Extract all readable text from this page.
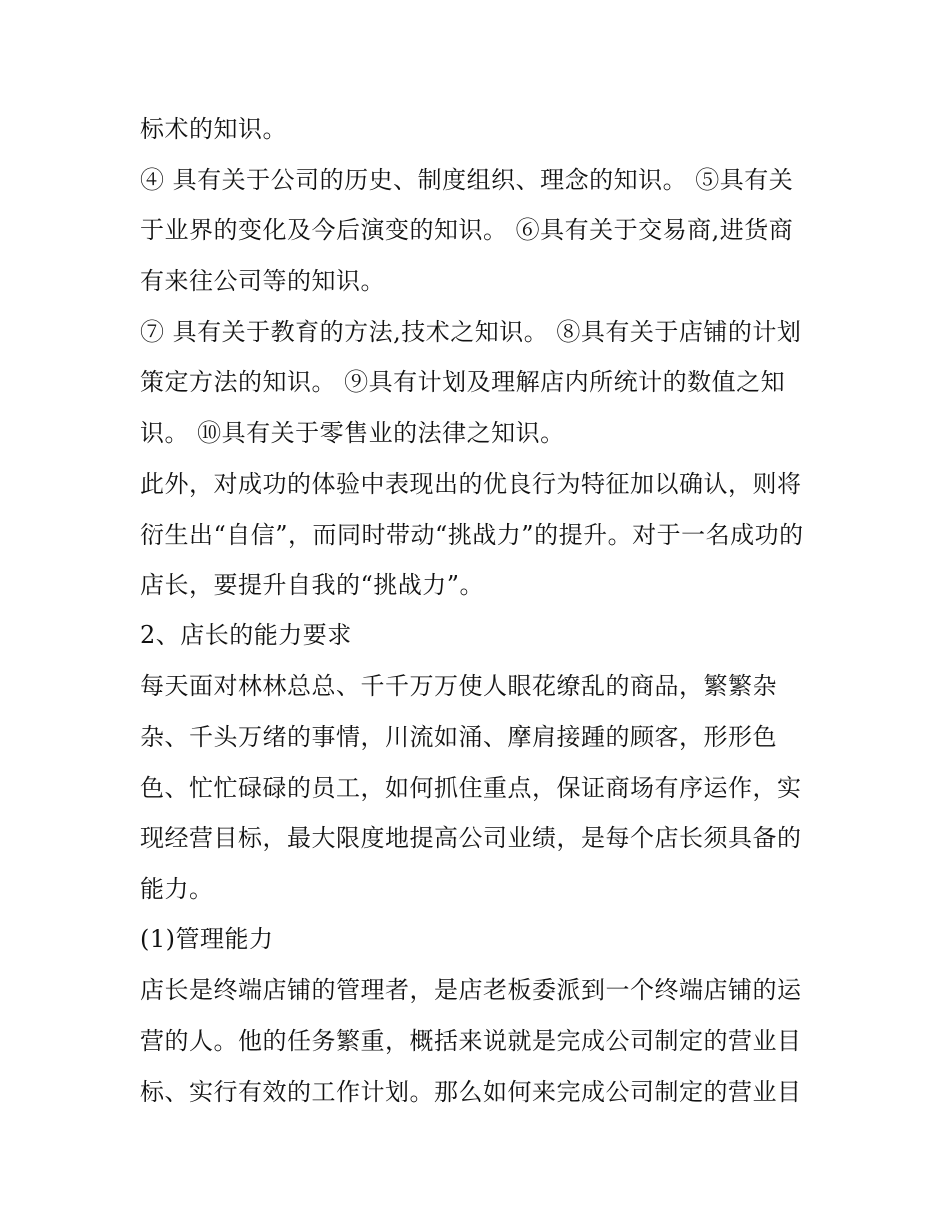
标术的知识。
④ 具有关于公司的历史、制度组织、理念的知识。 ⑤具有关
于业界的变化及今后演变的知识。 ⑥具有关于交易商,进货商
有来往公司等的知识。
⑦ 具有关于教育的方法,技术之知识。 ⑧具有关于店铺的计划
策定方法的知识。 ⑨具有计划及理解店内所统计的数值之知
识。 ⑩具有关于零售业的法律之知识。
此外，对成功的体验中表现出的优良行为特征加以确认，则将
衍生出“自信”，而同时带动“挑战力”的提升。对于一名成功的
店长，要提升自我的“挑战力”。
2、店长的能力要求
每天面对林林总总、千千万万使人眼花缭乱的商品，繁繁杂
杂、千头万绪的事情，川流如涌、摩肩接踵的顾客，形形色
色、忙忙碌碌的员工，如何抓住重点，保证商场有序运作，实
现经营目标，最大限度地提高公司业绩，是每个店长须具备的
能力。
(1)管理能力
店长是终端店铺的管理者，是店老板委派到一个终端店铺的运
营的人。他的任务繁重，概括来说就是完成公司制定的营业目
标、实行有效的工作计划。那么如何来完成公司制定的营业目
